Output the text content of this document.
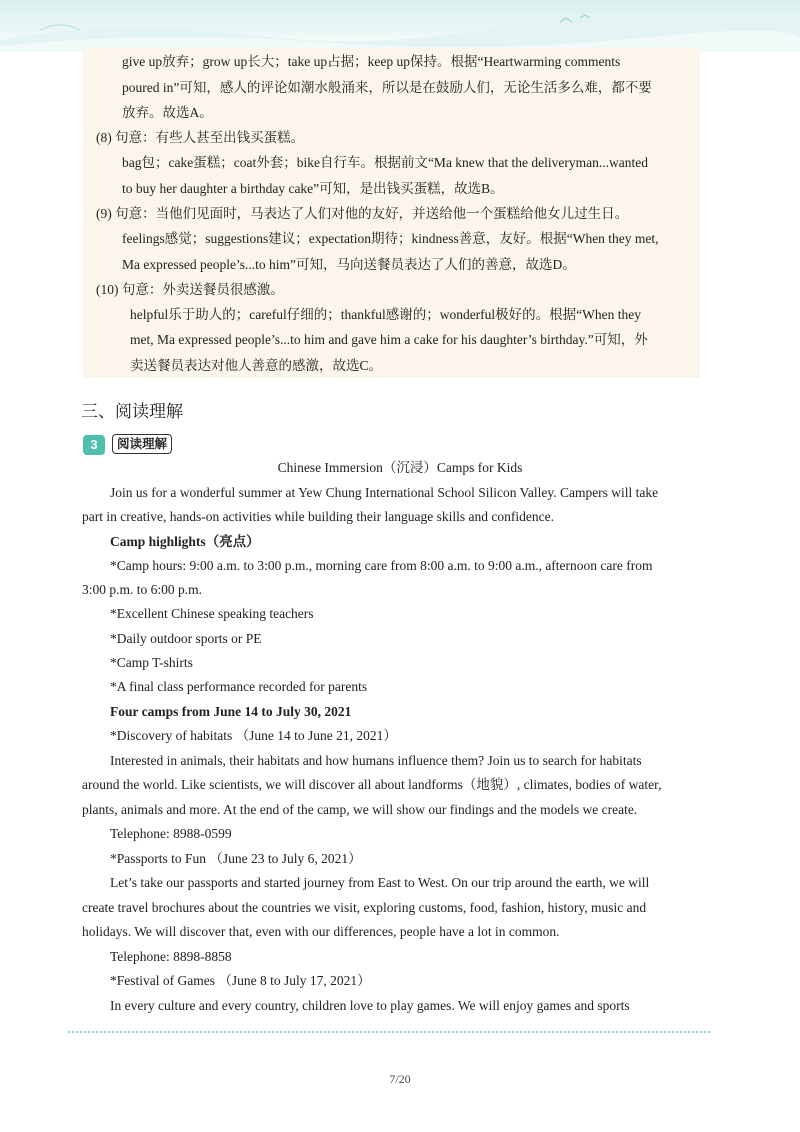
give up放弃；grow up长大；take up占据；keep up保持。根据“Heartwarming comments
poured in”可知，感人的评论如潮水般涌来，所以是在鼓励人们，无论生活多么难，都不要
放弃。故选A。
(8) 句意：有些人甚至出钱买蛋糕。
bag包；cake蛋糕；coat外套；bike自行车。根据前文“Ma knew that the deliveryman...wanted
to buy her daughter a birthday cake”可知，是出钱买蛋糕，故选B。
(9) 句意：当他们见面时，马表达了人们对他的友好，并送给他一个蛋糕给他女儿过生日。
feelings感觉；suggestions建议；expectation期待；kindness善意，友好。根据“When they met,
Ma expressed people’s...to him”可知，马向送餐员表达了人们的善意，故选D。
(10) 句意：外卖送餐员很感激。
helpful乐于助人的；careful仔细的；thankful感谢的；wonderful极好的。根据“When they
met, Ma expressed people’s...to him and gave him a cake for his daughter’s birthday.”可知，外
卖送餐员表达对他人善意的感激，故选C。
三、阅读理解
3	阅读理解
Chinese Immersion（沉浸）Camps for Kids
Join us for a wonderful summer at Yew Chung International School Silicon Valley. Campers will take
part in creative, hands-on activities while building their language skills and confidence.
Camp highlights（亮点）
*Camp hours: 9:00 a.m. to 3:00 p.m., morning care from 8:00 a.m. to 9:00 a.m., afternoon care from
3:00 p.m. to 6:00 p.m.
*Excellent Chinese speaking teachers
*Daily outdoor sports or PE
*Camp T-shirts
*A final class performance recorded for parents
Four camps from June 14 to July 30, 2021
*Discovery of habitats （June 14 to June 21, 2021）
Interested in animals, their habitats and how humans influence them? Join us to search for habitats
around the world. Like scientists, we will discover all about landforms（地貌）, climates, bodies of water,
plants, animals and more. At the end of the camp, we will show our findings and the models we create.
Telephone: 8988-0599
*Passports to Fun （June 23 to July 6, 2021）
Let’s take our passports and started journey from East to West. On our trip around the earth, we will
create travel brochures about the countries we visit, exploring customs, food, fashion, history, music and
holidays. We will discover that, even with our differences, people have a lot in common.
Telephone: 8898-8858
*Festival of Games （June 8 to July 17, 2021）
In every culture and every country, children love to play games. We will enjoy games and sports
7/20
